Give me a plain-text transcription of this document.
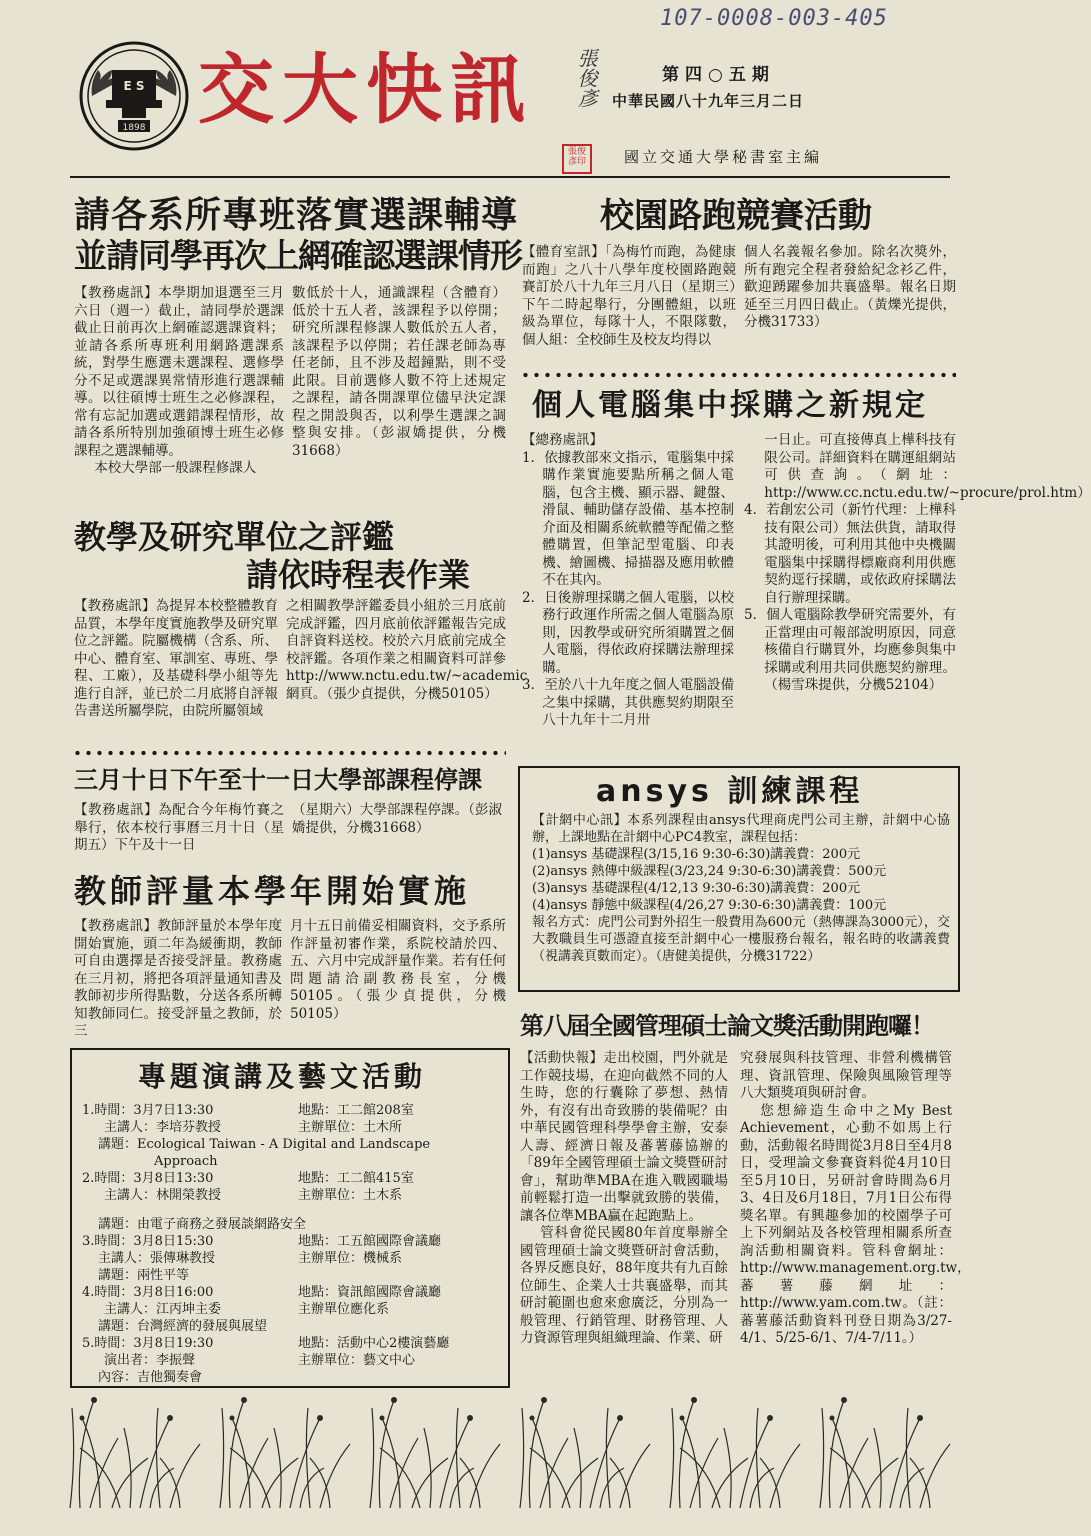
107-0008-003-405
E S
1898 交大快訊	張俊彥
張俊
彥印
第四○五期
中華民國八十九年三月二日
國立交通大學秘書室主編
請各系所專班落實選課輔導
並請同學再次上網確認選課情形

【教務處訊】本學期加退選至三月六日（週一）截止，請同學於選課截止日前再次上網確認選課資料；並請各系所專班利用網路選課系統，對學生應選未選課程、選修學分不足或選課異常情形進行選課輔導。以往碩博士班生之必修課程，常有忘記加選或選錯課程情形，故請各系所特別加強碩博士班生必修課程之選課輔導。

本校大學部一般課程修課人

數低於十人，通識課程（含體育）低於十五人者，該課程予以停開；研究所課程修課人數低於五人者，該課程予以停開；若任課老師為專任老師，且不涉及超鐘點，則不受此限。目前選修人數不符上述規定之課程，請各開課單位儘早決定課程之開設與否，以利學生選課之調整與安排。（彭淑嬌提供，分機31668）
教學及研究單位之評鑑
請依時程表作業
【教務處訊】為提昇本校整體教育品質，本學年度實施教學及研究單位之評鑑。院屬機構（含系、所、中心、體育室、軍訓室、專班、學程、工廠），及基礎科學小組等先進行自評，並已於二月底將自評報告書送所屬學院，由院所屬領域
之相關教學評鑑委員小組於三月底前完成評鑑，四月底前依評鑑報告完成自評資料送校。校於六月底前完成全校評鑑。各項作業之相關資料可詳參http://www.nctu.edu.tw/~academic網頁。（張少貞提供，分機50105）
三月十日下午至十一日大學部課程停課
【教務處訊】為配合今年梅竹賽之舉行，依本校行事曆三月十日（星期五）下午及十一日
（星期六）大學部課程停課。（彭淑嬌提供，分機31668）
教師評量本學年開始實施
【教務處訊】教師評量於本學年度開始實施，頭二年為緩衝期，教師可自由選擇是否接受評量。教務處在三月初，將把各項評量通知書及教師初步所得點數，分送各系所轉知教師同仁。接受評量之教師，於三
月十五日前備妥相關資料，交予系所作評量初審作業，系院校請於四、五、六月中完成評量作業。若有任何問題請洽副教務長室，分機50105。（張少貞提供，分機50105）
專題演講及藝文活動
1.時間：3月7日13:30	地點：工二館208室
主講人：李培芬教授	主辦單位：土木所
講題：Ecological Taiwan - A Digital and Landscape
Approach
2.時間：3月8日13:30	地點：工二館415室
主講人：林開榮教授	主辦單位：土木系
講題：由電子商務之發展談網路安全
3.時間：3月8日15:30	地點：工五館國際會議廳
主講人：張傳琳教授	主辦單位：機械系
講題：兩性平等
4.時間：3月8日16:00	地點：資訊館國際會議廳
主講人：江丙坤主委	主辦單位應化系
講題：台灣經濟的發展與展望
5.時間：3月8日19:30	地點：活動中心2樓演藝廳
演出者：李振聲	主辦單位：藝文中心
內容：吉他獨奏會
校園路跑競賽活動
【體育室訊】「為梅竹而跑，為健康而跑」之八十八學年度校園路跑競賽訂於八十九年三月八日（星期三）下午二時起舉行，分團體組，以班級為單位，每隊十人，不限隊數，個人組：全校師生及校友均得以
個人名義報名參加。除名次獎外，所有跑完全程者發給紀念衫乙件，歡迎踴躍參加共襄盛舉。報名日期延至三月四日截止。（黃爍光提供，分機31733）
個人電腦集中採購之新規定

【總務處訊】

1．依據教部來文指示，電腦集中採購作業實施要點所稱之個人電腦，包含主機、顯示器、鍵盤、滑鼠、輔助儲存設備、基本控制介面及相關系統軟體等配備之整體購置，但筆記型電腦、印表機、繪圖機、掃描器及應用軟體不在其內。

2．日後辦理採購之個人電腦，以校務行政運作所需之個人電腦為原則，因教學或研究所須購置之個人電腦，得依政府採購法辦理採購。

3．至於八十九年度之個人電腦設備之集中採購，其供應契約期限至八十九年十二月卅

一日止。可直接傳真上樺科技有限公司。詳細資料在購運組網站可供查詢。（網址：http://www.cc.nctu.edu.tw/~procure/prol.htm）

4．若創宏公司（新竹代理：上樺科技有限公司）無法供貨，請取得其證明後，可利用其他中央機關電腦集中採購得標廠商利用供應契約逕行採購，或依政府採購法自行辦理採購。

5．個人電腦除教學研究需要外，有正當理由可報部說明原因，同意核備自行購買外，均應參與集中採購或利用共同供應契約辦理。（楊雪珠提供，分機52104）

ansys 訓練課程

【計網中心訊】本系列課程由ansys代理商虎門公司主辦，計網中心協辦，上課地點在計網中心PC4教室，課程包括：

(1)ansys 基礎課程(3/15,16 9:30-6:30)講義費：200元

(2)ansys 熱傳中級課程(3/23,24 9:30-6:30)講義費：500元

(3)ansys 基礎課程(4/12,13 9:30-6:30)講義費：200元

(4)ansys 靜態中級課程(4/26,27 9:30-6:30)講義費：100元

報名方式：虎門公司對外招生一般費用為600元（熱傳課為3000元），交大教職員生可憑證直接至計網中心一樓服務台報名，報名時的收講義費（視講義頁數而定）。（唐健美提供，分機31722）

第八屆全國管理碩士論文獎活動開跑囉！

【活動快報】走出校園，門外就是工作競技場，在迎向截然不同的人生時，您的行囊除了夢想、熱情外，有沒有出奇致勝的裝備呢？由中華民國管理科學學會主辦，安泰人壽、經濟日報及蕃薯藤協辦的「89年全國管理碩士論文獎暨研討會」，幫助準MBA在進入戰國職場前輕鬆打造一出擊就致勝的裝備，讓各位準MBA贏在起跑點上。

管科會從民國80年首度舉辦全國管理碩士論文獎暨研討會活動，各界反應良好，88年度共有九百餘位師生、企業人士共襄盛舉，而其研討範圍也愈來愈廣泛，分別為一般管理、行銷管理、財務管理、人力資源管理與組織理論、作業、研

究發展與科技管理、非營利機構管理、資訊管理、保險與風險管理等八大類獎項與研討會。

您想締造生命中之My Best Achievement，心動不如馬上行動，活動報名時間從3月8日至4月8日，受理論文參賽資料從4月10日至5月10日，另研討會時間為6月3、4日及6月18日，7月1日公布得獎名單。有興趣參加的校園學子可上下列網站及各校管理相關系所查詢活動相關資料。管科會網址：http://www.management.org.tw，蕃薯藤網址：http://www.yam.com.tw。（註：蕃薯藤活動資料刊登日期為3/27-4/1、5/25-6/1、7/4-7/11。）
